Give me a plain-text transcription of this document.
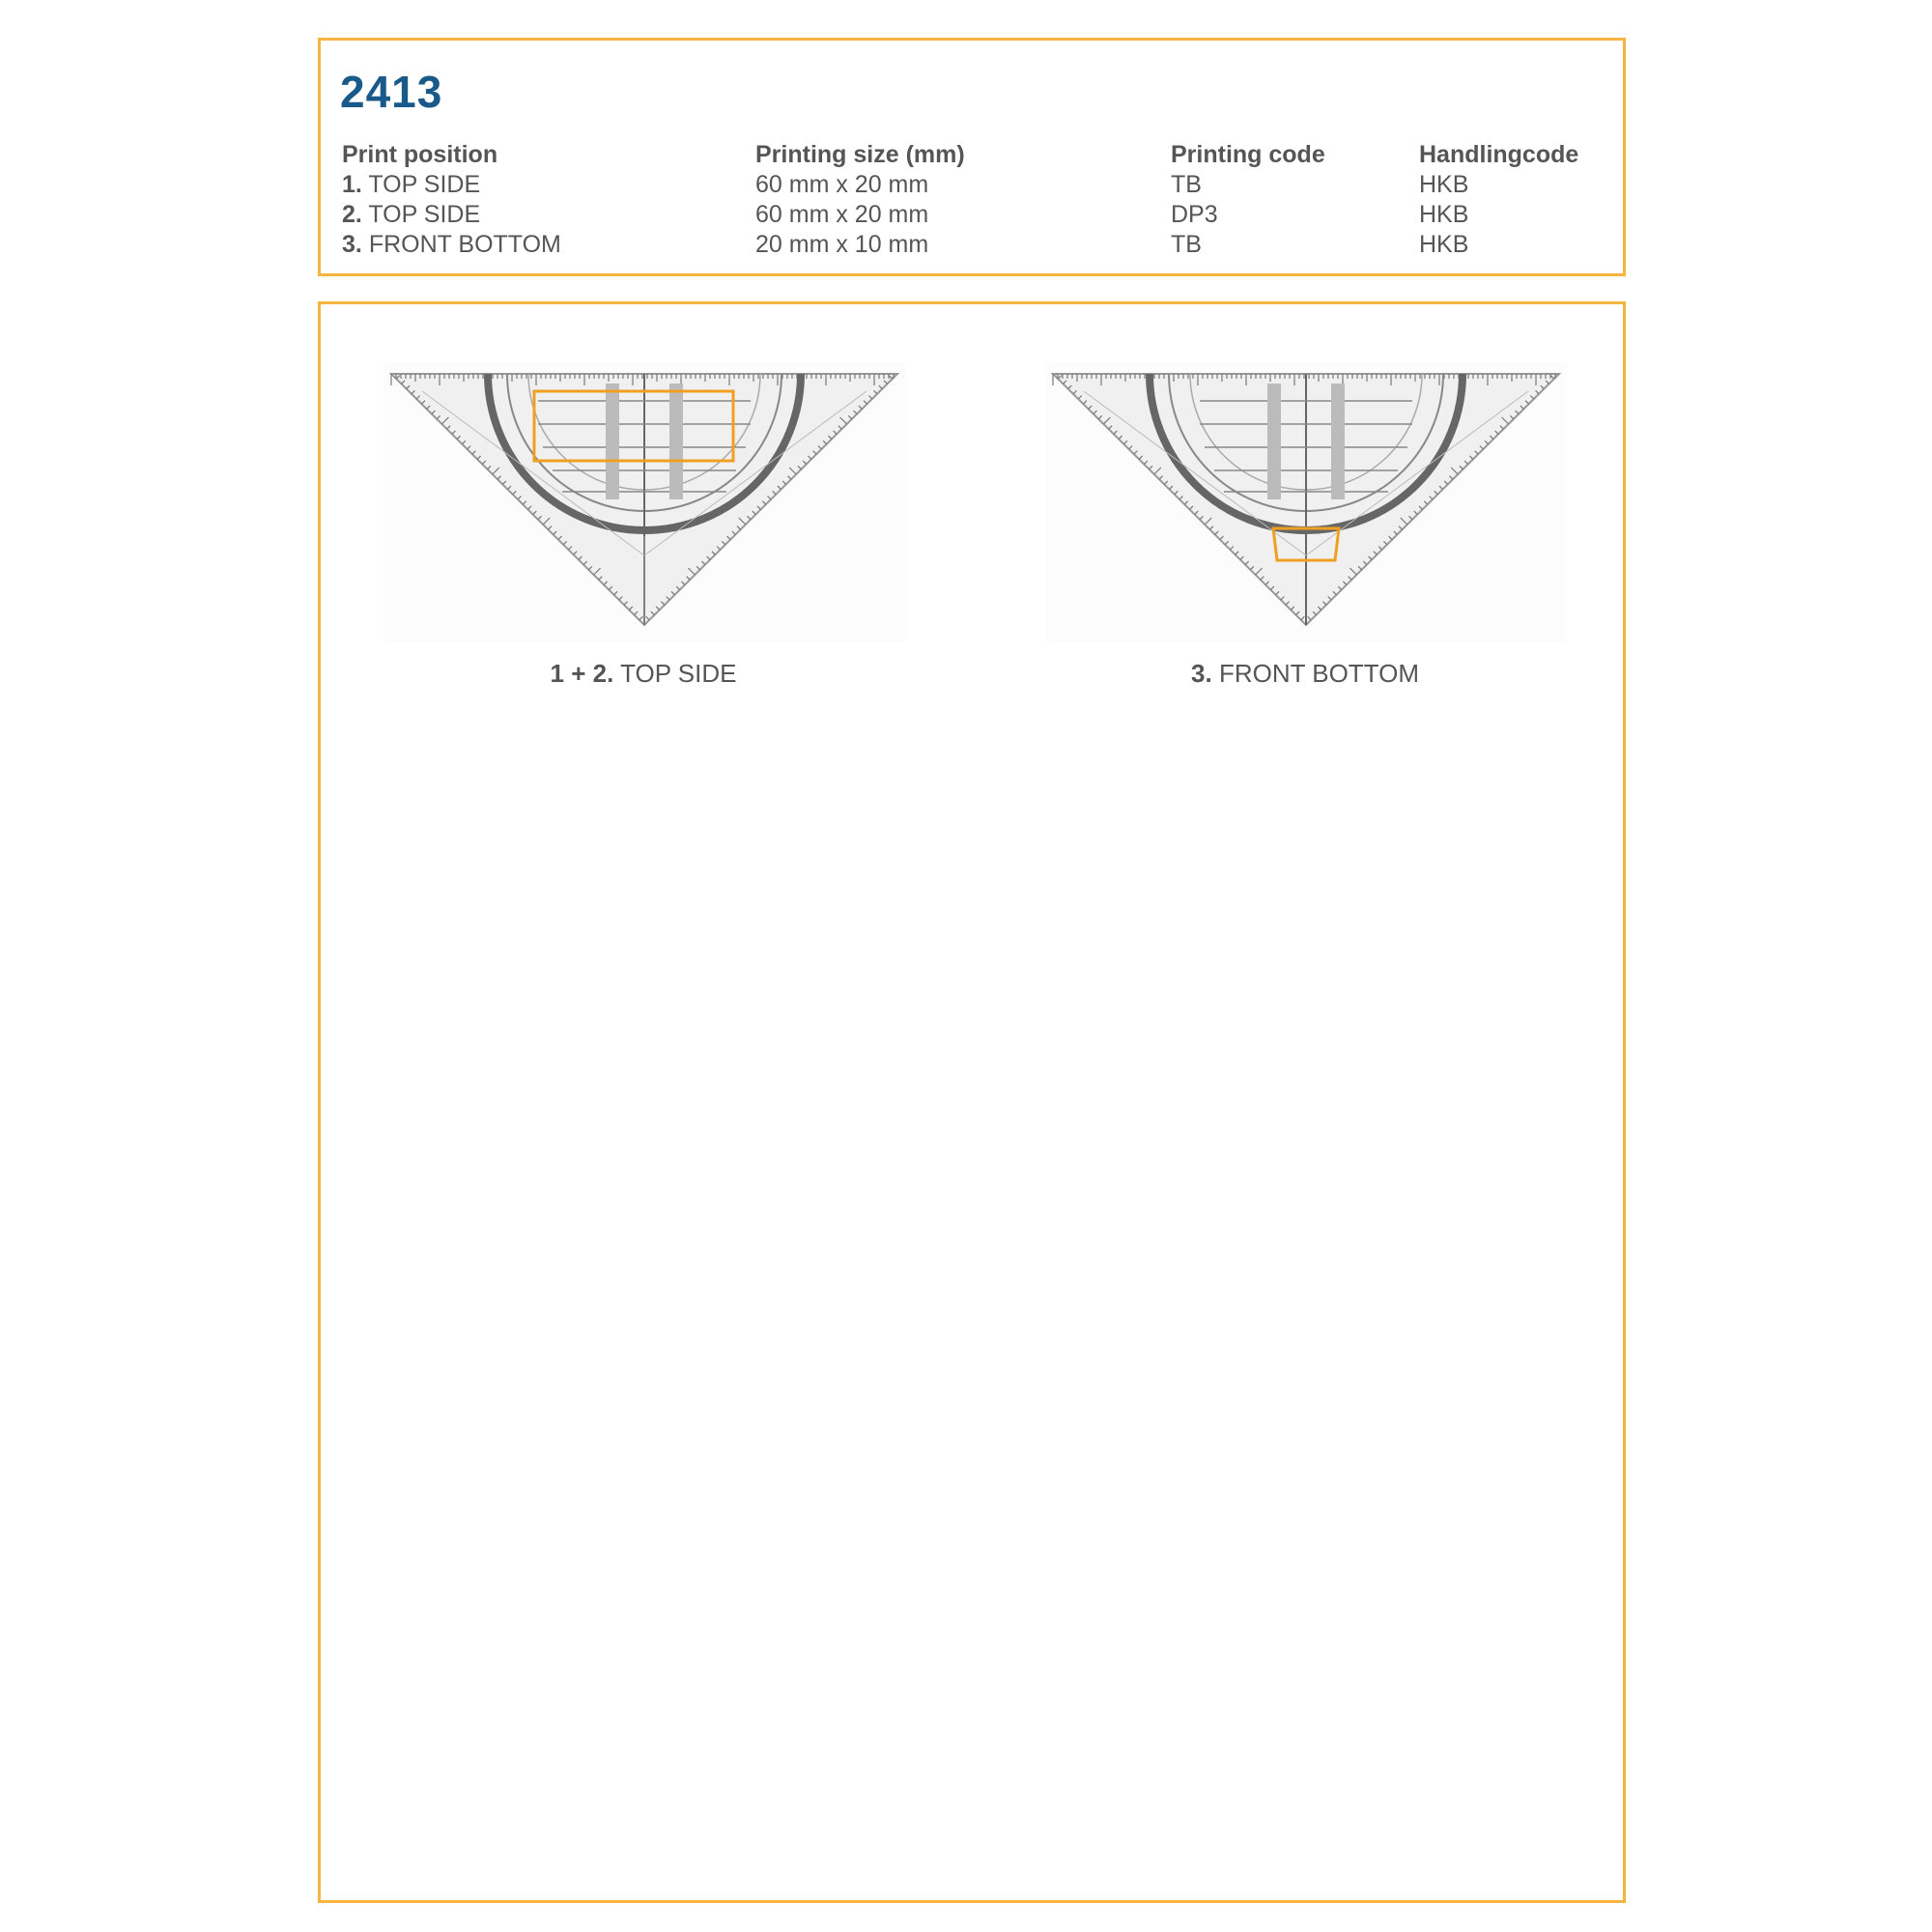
2413
Print position
1. TOP SIDE
2. TOP SIDE
3. FRONT BOTTOM
Printing size (mm)
60 mm x 20 mm
60 mm x 20 mm
20 mm x 10 mm
Printing code
TB
DP3
TB
Handlingcode
HKB
HKB
HKB
1 + 2. TOP SIDE	3. FRONT BOTTOM
